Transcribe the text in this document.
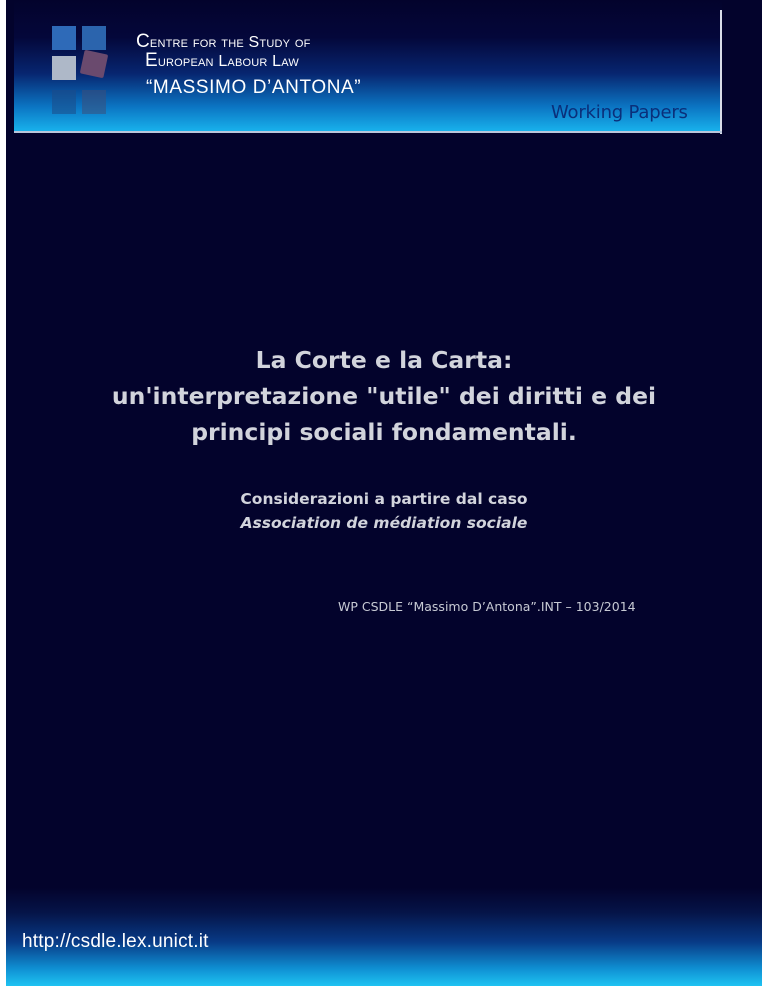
Centre for the Study of
European Labour Law
“MASSIMO D’ANTONA”
Working Papers
La Corte e la Carta:
un'interpretazione "utile" dei diritti e dei
principi sociali fondamentali.
Considerazioni a partire dal caso
Association de médiation sociale
WP CSDLE “Massimo D’Antona”.INT – 103/2014
http://csdle.lex.unict.it
